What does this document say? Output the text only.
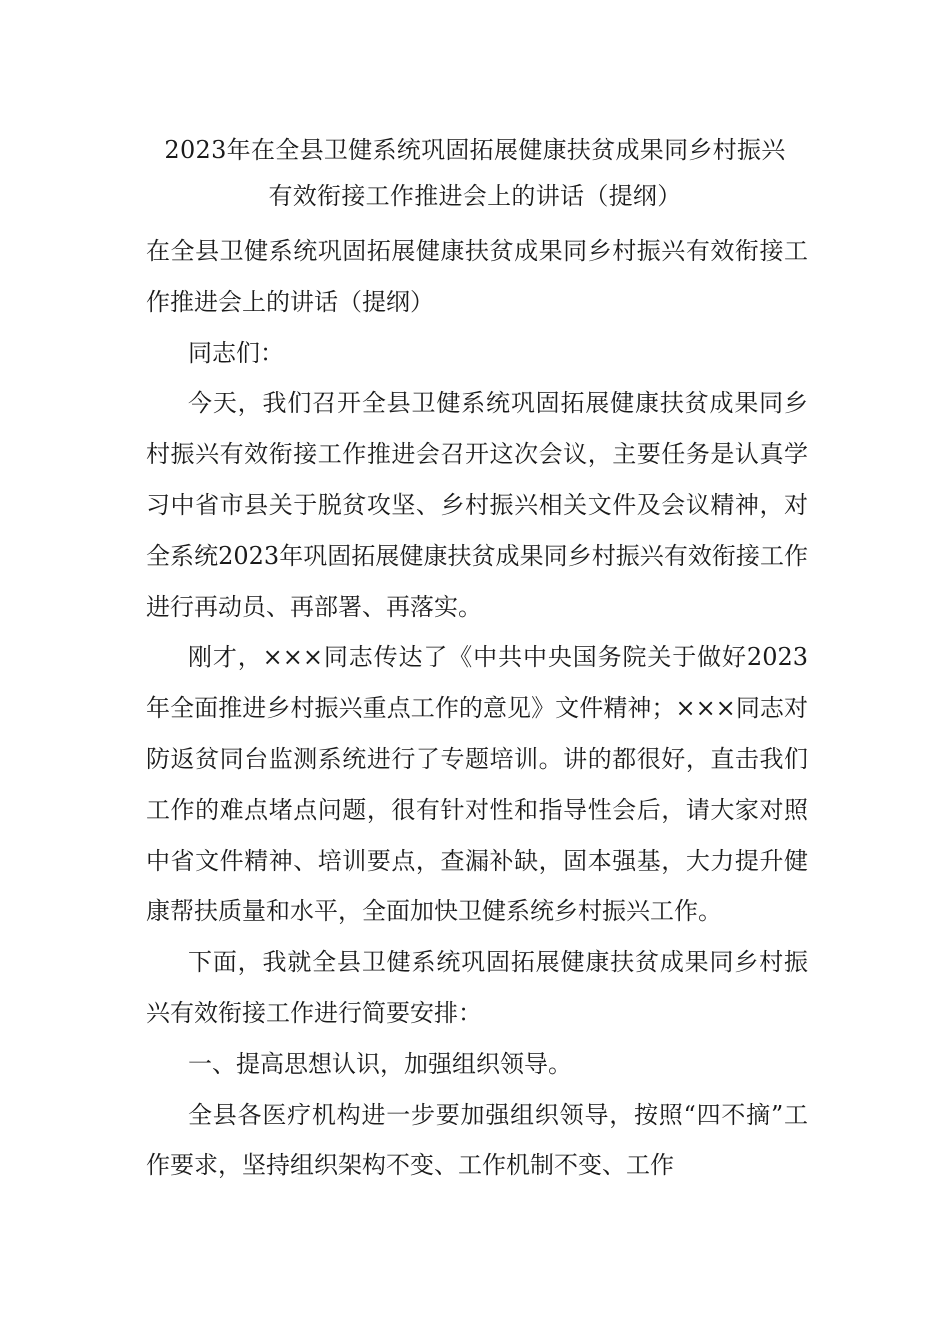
2023年在全县卫健系统巩固拓展健康扶贫成果同乡村振兴
有效衔接工作推进会上的讲话（提纲）

在全县卫健系统巩固拓展健康扶贫成果同乡村振兴有效衔接工作推进会上的讲话（提纲）

同志们：

今天，我们召开全县卫健系统巩固拓展健康扶贫成果同乡村振兴有效衔接工作推进会召开这次会议，主要任务是认真学习中省市县关于脱贫攻坚、乡村振兴相关文件及会议精神，对全系统2023年巩固拓展健康扶贫成果同乡村振兴有效衔接工作进行再动员、再部署、再落实。

刚才，×××同志传达了《中共中央国务院关于做好2023年全面推进乡村振兴重点工作的意见》文件精神；×××同志对防返贫同台监测系统进行了专题培训。讲的都很好，直击我们工作的难点堵点问题，很有针对性和指导性会后，请大家对照中省文件精神、培训要点，查漏补缺，固本强基，大力提升健康帮扶质量和水平，全面加快卫健系统乡村振兴工作。

下面，我就全县卫健系统巩固拓展健康扶贫成果同乡村振兴有效衔接工作进行简要安排：

一、提高思想认识，加强组织领导。

全县各医疗机构进一步要加强组织领导，按照“四不摘”工作要求，坚持组织架构不变、工作机制不变、工作
